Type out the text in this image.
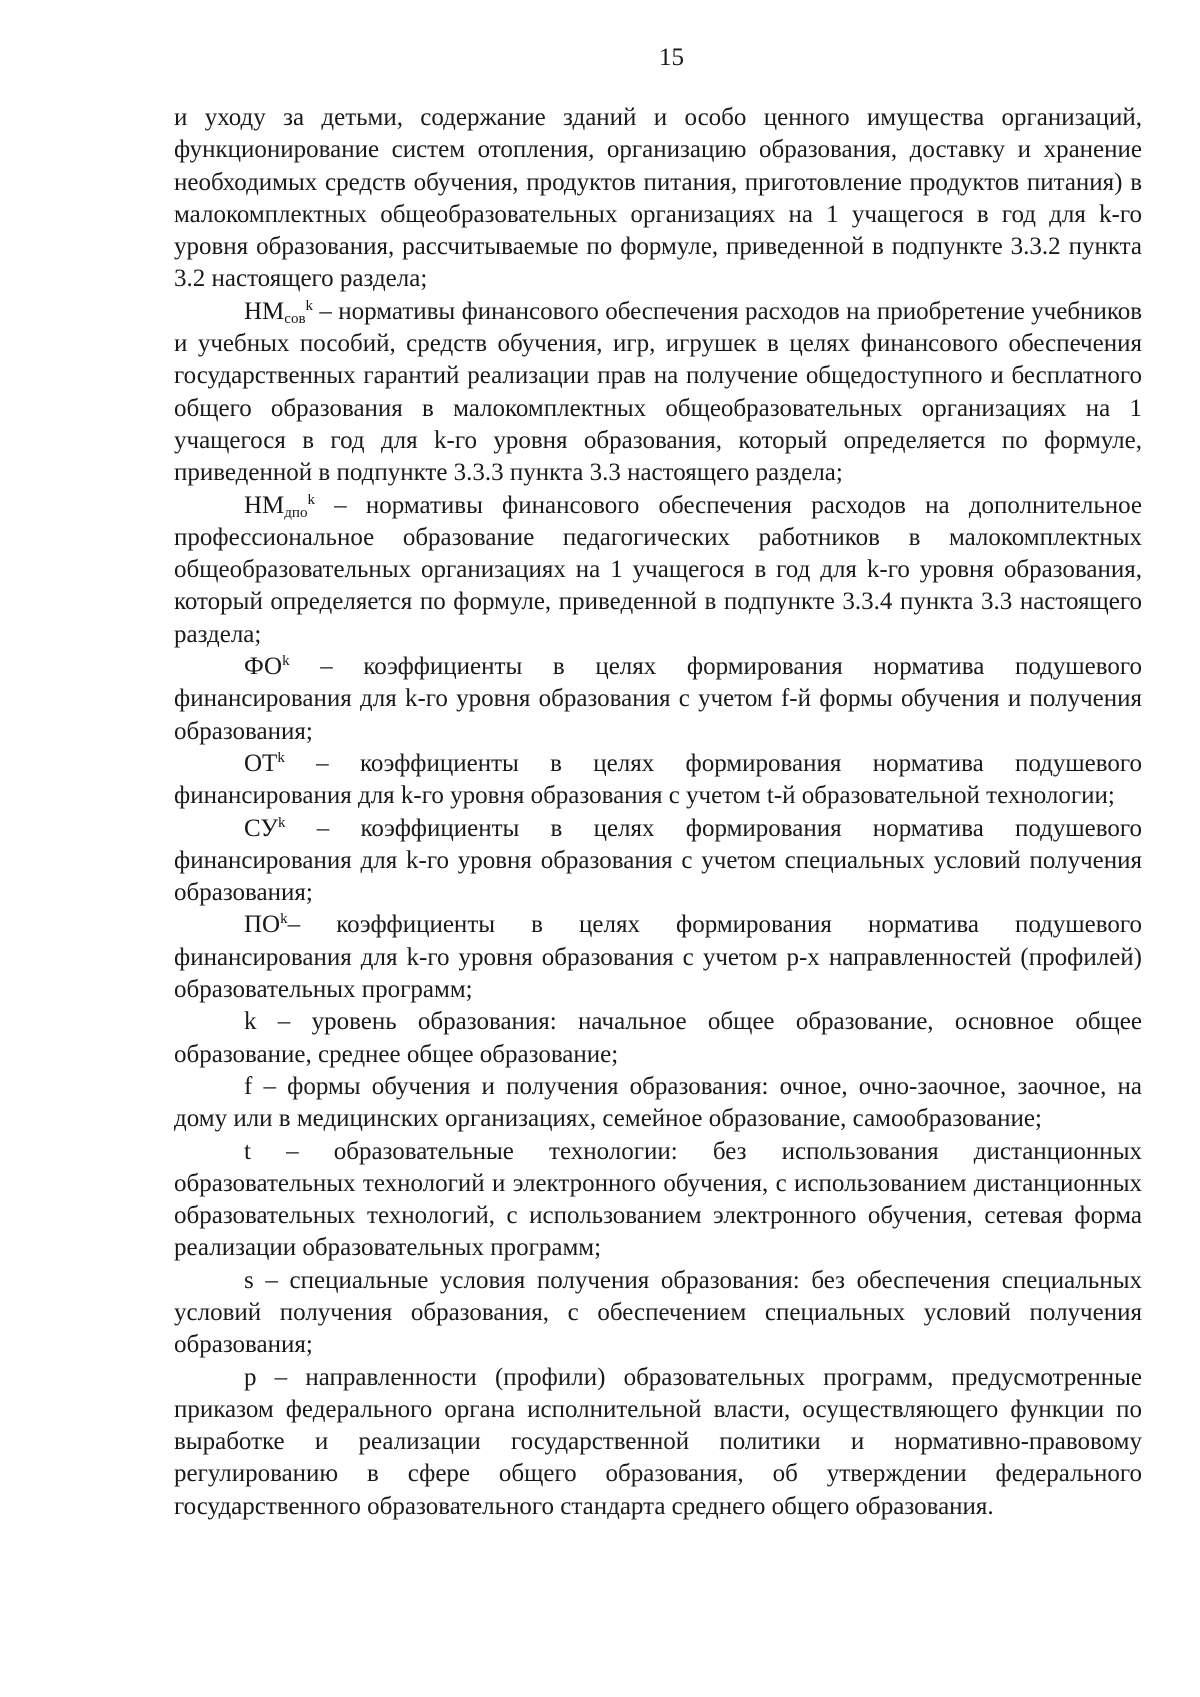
15

и уходу за детьми, содержание зданий и особо ценного имущества организаций, функционирование систем отопления, организацию образования, доставку и хранение необходимых средств обучения, продуктов питания, приготовление продуктов питания) в малокомплектных общеобразовательных организациях на 1 учащегося в год для k-го уровня образования, рассчитываемые по формуле, приведенной в подпункте 3.3.2 пункта 3.2 настоящего раздела;

$НМ_{сов}^k$ – нормативы финансового обеспечения расходов на приобретение учебников и учебных пособий, средств обучения, игр, игрушек в целях финансового обеспечения государственных гарантий реализации прав на получение общедоступного и бесплатного общего образования в малокомплектных общеобразовательных организациях на 1 учащегося в год для k-го уровня образования, который определяется по формуле, приведенной в подпункте 3.3.3 пункта 3.3 настоящего раздела;

$НМ_{дпо}^k$ – нормативы финансового обеспечения расходов на дополнительное профессиональное образование педагогических работников в малокомплектных общеобразовательных организациях на 1 учащегося в год для k-го уровня образования, который определяется по формуле, приведенной в подпункте 3.3.4 пункта 3.3 настоящего раздела;

$ФО^k$ – коэффициенты в целях формирования норматива подушевого финансирования для k-го уровня образования с учетом f-й формы обучения и получения образования;

$ОТ^k$ – коэффициенты в целях формирования норматива подушевого финансирования для k-го уровня образования с учетом t-й образовательной технологии;

$СУ^k$ – коэффициенты в целях формирования норматива подушевого финансирования для k-го уровня образования с учетом специальных условий получения образования;

$ПО^k-$ коэффициенты в целях формирования норматива подушевого финансирования для k-го уровня образования с учетом p-х направленностей (профилей) образовательных программ;

k – уровень образования: начальное общее образование, основное общее образование, среднее общее образование;

f – формы обучения и получения образования: очное, очно-заочное, заочное, на дому или в медицинских организациях, семейное образование, самообразование;

t – образовательные технологии: без использования дистанционных образовательных технологий и электронного обучения, с использованием дистанционных образовательных технологий, с использованием электронного обучения, сетевая форма реализации образовательных программ;

s – специальные условия получения образования: без обеспечения специальных условий получения образования, с обеспечением специальных условий получения образования;

p – направленности (профили) образовательных программ, предусмотренные приказом федерального органа исполнительной власти, осуществляющего функции по выработке и реализации государственной политики и нормативно-правовому регулированию в сфере общего образования, об утверждении федерального государственного образовательного стандарта среднего общего образования.
